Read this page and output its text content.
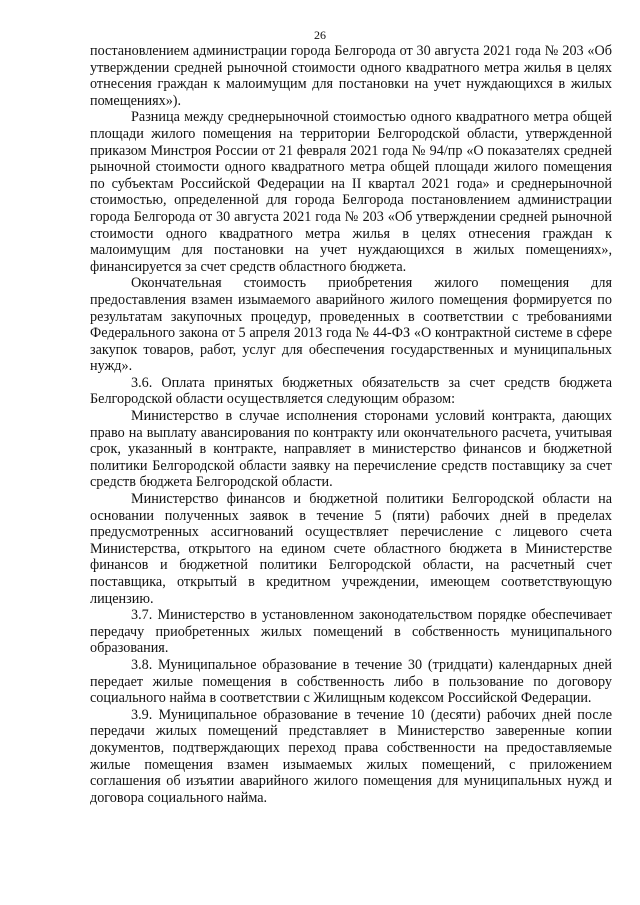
26

постановлением администрации города Белгорода от 30 августа 2021 года № 203 «Об утверждении средней рыночной стоимости одного квадратного метра жилья в целях отнесения граждан к малоимущим для постановки на учет нуждающихся в жилых помещениях»).

Разница между среднерыночной стоимостью одного квадратного метра общей площади жилого помещения на территории Белгородской области, утвержденной приказом Минстроя России от 21 февраля 2021 года № 94/пр «О показателях средней рыночной стоимости одного квадратного метра общей площади жилого помещения по субъектам Российской Федерации на II квартал 2021 года» и среднерыночной стоимостью, определенной для города Белгорода постановлением администрации города Белгорода от 30 августа 2021 года № 203 «Об утверждении средней рыночной стоимости одного квадратного метра жилья в целях отнесения граждан к малоимущим для постановки на учет нуждающихся в жилых помещениях», финансируется за счет средств областного бюджета.

Окончательная стоимость приобретения жилого помещения для предоставления взамен изымаемого аварийного жилого помещения формируется по результатам закупочных процедур, проведенных в соответствии с требованиями Федерального закона от 5 апреля 2013 года № 44-ФЗ «О контрактной системе в сфере закупок товаров, работ, услуг для обеспечения государственных и муниципальных нужд».

3.6. Оплата принятых бюджетных обязательств за счет средств бюджета Белгородской области осуществляется следующим образом:

Министерство в случае исполнения сторонами условий контракта, дающих право на выплату авансирования по контракту или окончательного расчета, учитывая срок, указанный в контракте, направляет в министерство финансов и бюджетной политики Белгородской области заявку на перечисление средств поставщику за счет средств бюджета Белгородской области.

Министерство финансов и бюджетной политики Белгородской области на основании полученных заявок в течение 5 (пяти) рабочих дней в пределах предусмотренных ассигнований осуществляет перечисление с лицевого счета Министерства, открытого на едином счете областного бюджета в Министерстве финансов и бюджетной политики Белгородской области, на расчетный счет поставщика, открытый в кредитном учреждении, имеющем соответствующую лицензию.

3.7. Министерство в установленном законодательством порядке обеспечивает передачу приобретенных жилых помещений в собственность муниципального образования.

3.8. Муниципальное образование в течение 30 (тридцати) календарных дней передает жилые помещения в собственность либо в пользование по договору социального найма в соответствии с Жилищным кодексом Российской Федерации.

3.9. Муниципальное образование в течение 10 (десяти) рабочих дней после передачи жилых помещений представляет в Министерство заверенные копии документов, подтверждающих переход права собственности на предоставляемые жилые помещения взамен изымаемых жилых помещений, с приложением соглашения об изъятии аварийного жилого помещения для муниципальных нужд и договора социального найма.
